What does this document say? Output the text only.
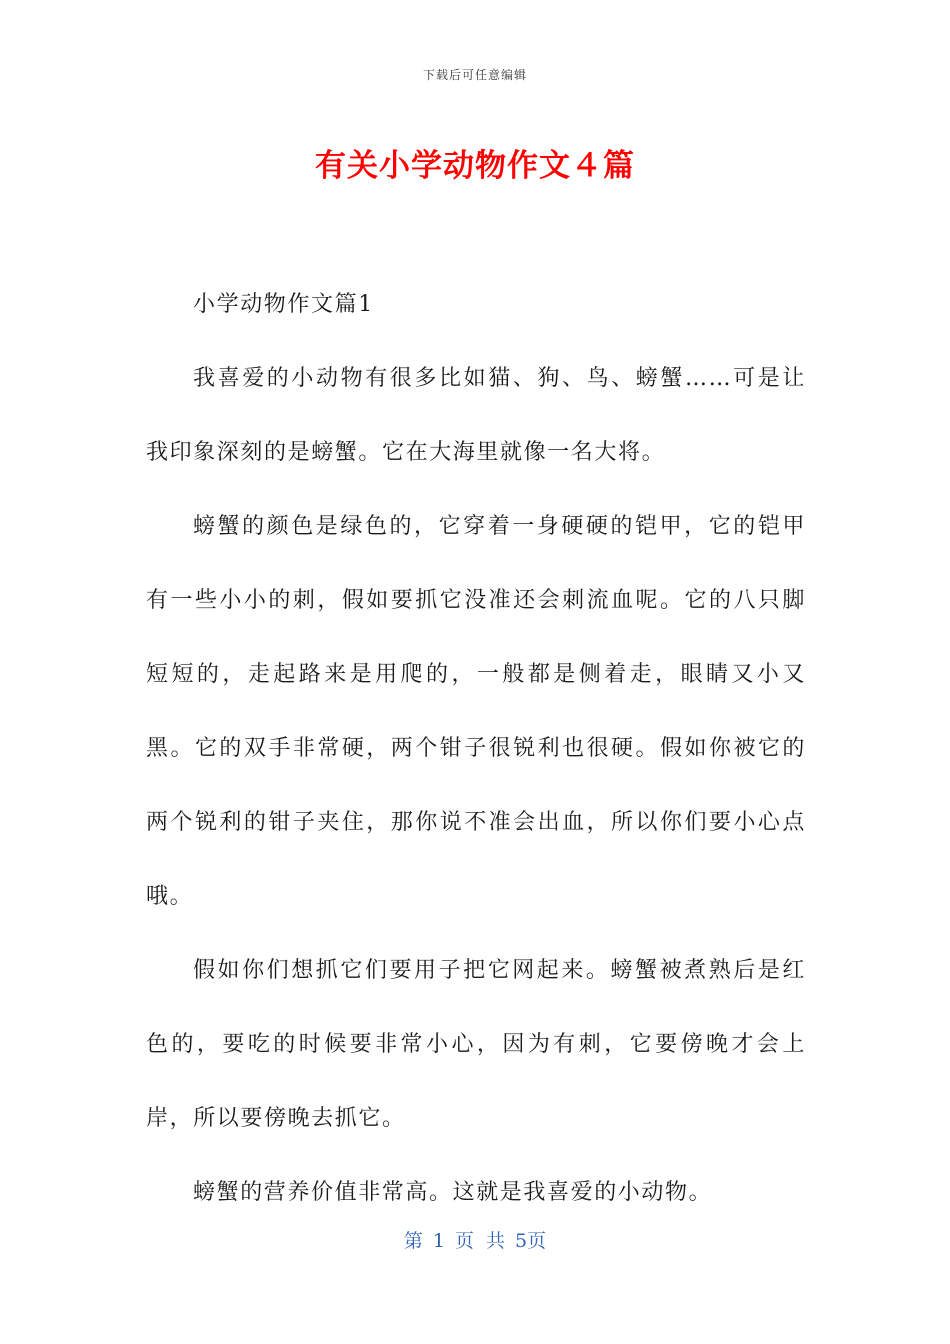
下载后可任意编辑
有关小学动物作文４篇

小学动物作文篇1

我喜爱的小动物有很多比如猫、狗、鸟、螃蟹……可是让我印象深刻的是螃蟹。它在大海里就像一名大将。

螃蟹的颜色是绿色的，它穿着一身硬硬的铠甲，它的铠甲有一些小小的刺，假如要抓它没准还会刺流血呢。它的八只脚短短的，走起路来是用爬的，一般都是侧着走，眼睛又小又黑。它的双手非常硬，两个钳子很锐利也很硬。假如你被它的两个锐利的钳子夹住，那你说不准会出血，所以你们要小心点哦。

假如你们想抓它们要用子把它网起来。螃蟹被煮熟后是红色的，要吃的时候要非常小心，因为有刺，它要傍晚才会上岸，所以要傍晚去抓它。

螃蟹的营养价值非常高。这就是我喜爱的小动物。

第 1 页 共 5页
